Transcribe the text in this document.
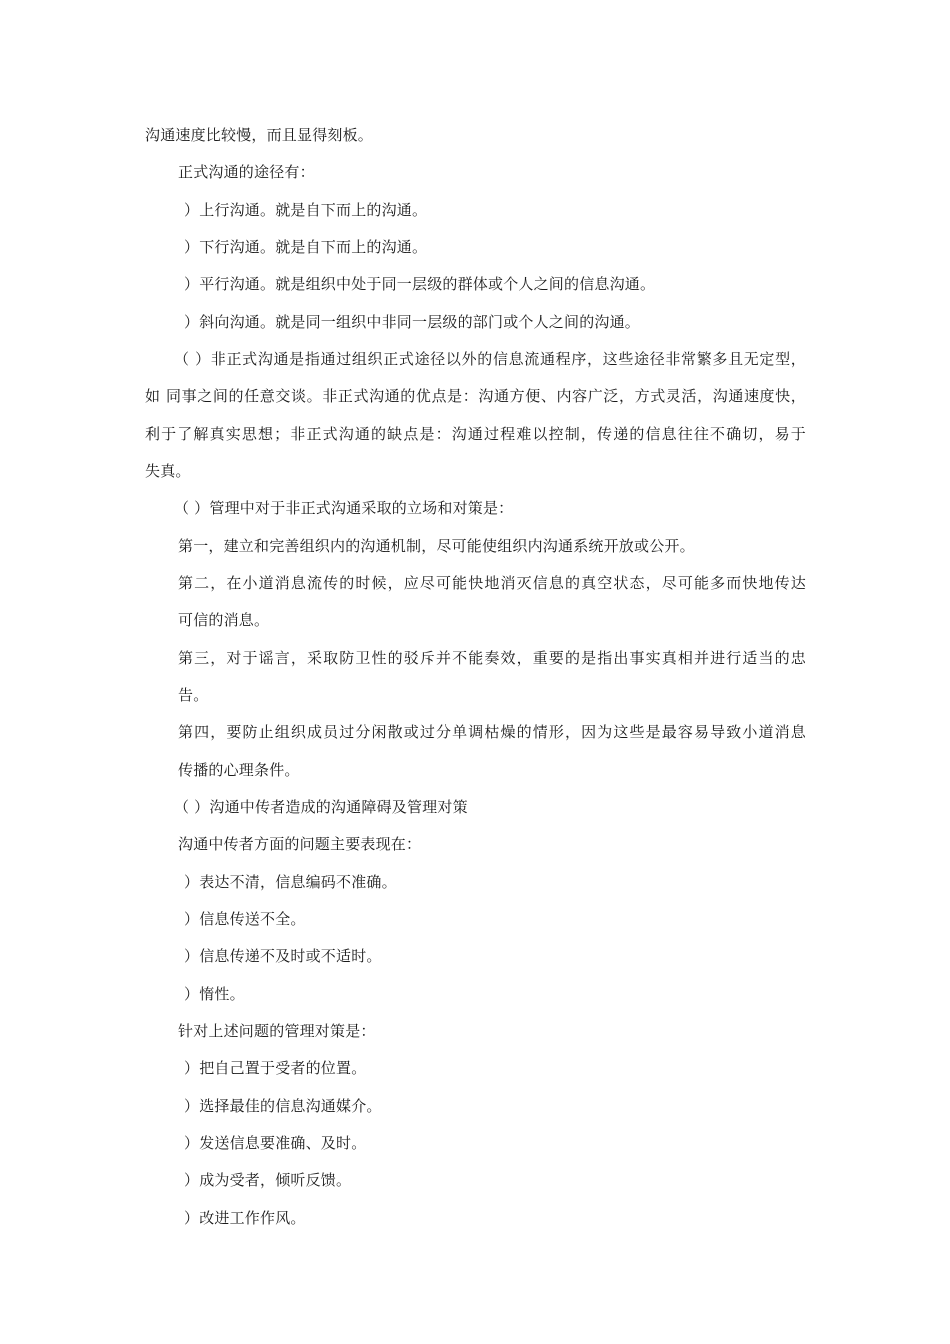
沟通速度比较慢，而且显得刻板。
正式沟通的途径有：
）上行沟通。就是自下而上的沟通。
）下行沟通。就是自下而上的沟通。
）平行沟通。就是组织中处于同一层级的群体或个人之间的信息沟通。
）斜向沟通。就是同一组织中非同一层级的部门或个人之间的沟通。
（ ）非正式沟通是指通过组织正式途径以外的信息流通程序，这些途径非常繁多且无定型，
如 同事之间的任意交谈。非正式沟通的优点是：沟通方便、内容广泛，方式灵活，沟通速度快，
利于了解真实思想；非正式沟通的缺点是：沟通过程难以控制，传递的信息往往不确切，易于
失真。
（ ）管理中对于非正式沟通采取的立场和对策是：
第一，建立和完善组织内的沟通机制，尽可能使组织内沟通系统开放或公开。
第二，在小道消息流传的时候，应尽可能快地消灭信息的真空状态，尽可能多而快地传达
可信的消息。
第三，对于谣言，采取防卫性的驳斥并不能奏效，重要的是指出事实真相并进行适当的忠
告。
第四，要防止组织成员过分闲散或过分单调枯燥的情形，因为这些是最容易导致小道消息
传播的心理条件。
（ ）沟通中传者造成的沟通障碍及管理对策
沟通中传者方面的问题主要表现在：
）表达不清，信息编码不准确。
）信息传送不全。
）信息传递不及时或不适时。
）惰性。
针对上述问题的管理对策是：
）把自己置于受者的位置。
）选择最佳的信息沟通媒介。
）发送信息要准确、及时。
）成为受者，倾听反馈。
）改进工作作风。
